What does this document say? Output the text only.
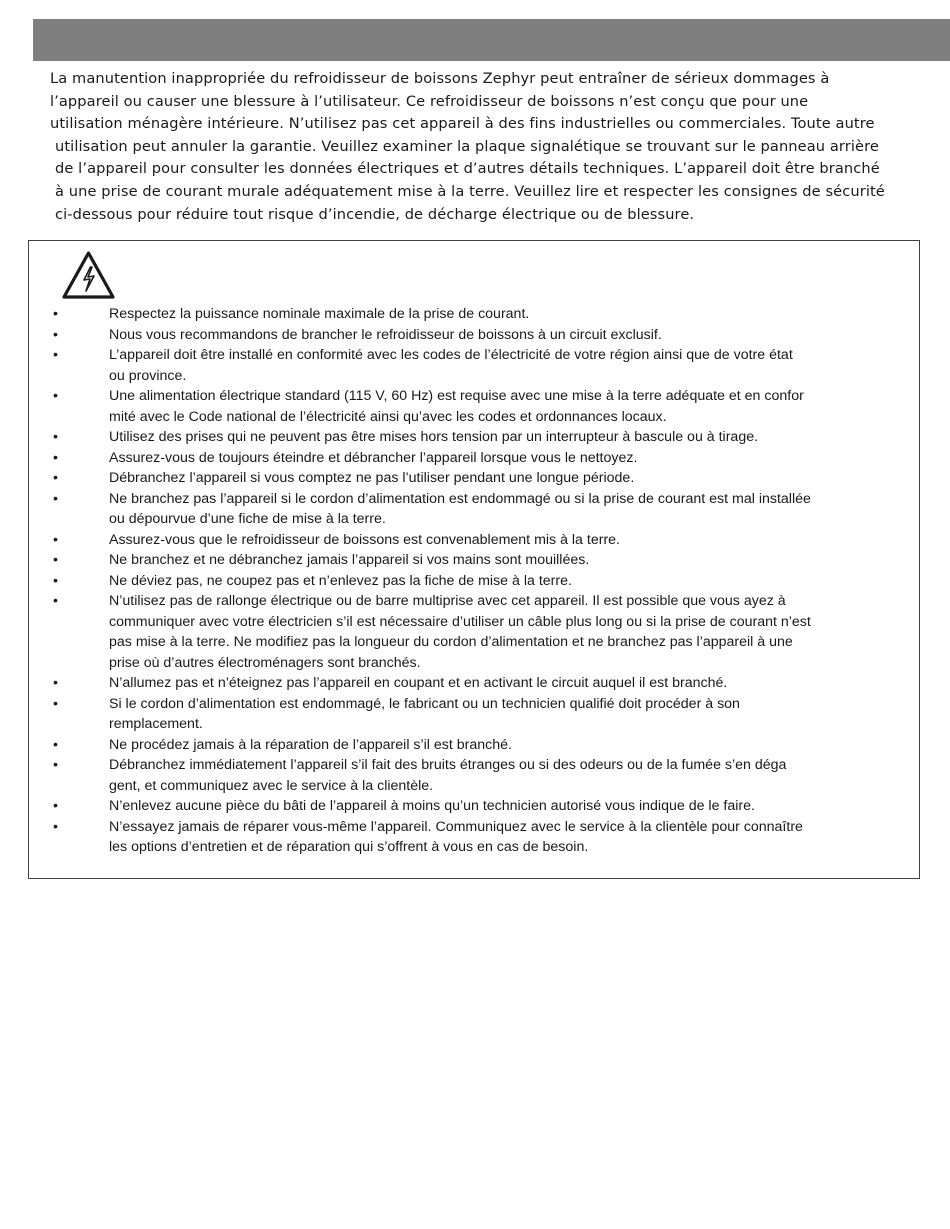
La manutention inappropriée du refroidisseur de boissons Zephyr peut entraîner de sérieux dommages à
l’appareil ou causer une blessure à l’utilisateur. Ce refroidisseur de boissons n’est conçu que pour une
utilisation ménagère intérieure. N’utilisez pas cet appareil à des fins industrielles ou commerciales. Toute autre
utilisation peut annuler la garantie. Veuillez examiner la plaque signalétique se trouvant sur le panneau arrière
de l’appareil pour consulter les données électriques et d’autres détails techniques. L’appareil doit être branché
à une prise de courant murale adéquatement mise à la terre. Veuillez lire et respecter les consignes de sécurité
ci-dessous pour réduire tout risque d’incendie, de décharge électrique ou de blessure.
•	Respectez la puissance nominale maximale de la prise de courant.
•	Nous vous recommandons de brancher le refroidisseur de boissons à un circuit exclusif.
•	L’appareil doit être installé en conformité avec les codes de l’électricité de votre région ainsi que de votre état
ou province.
•	Une alimentation électrique standard (115 V, 60 Hz) est requise avec une mise à la terre adéquate et en confor
mité avec le Code national de l’électricité ainsi qu’avec les codes et ordonnances locaux.
•	Utilisez des prises qui ne peuvent pas être mises hors tension par un interrupteur à bascule ou à tirage.
•	Assurez-vous de toujours éteindre et débrancher l’appareil lorsque vous le nettoyez.
•	Débranchez l’appareil si vous comptez ne pas l’utiliser pendant une longue période.
•	Ne branchez pas l’appareil si le cordon d’alimentation est endommagé ou si la prise de courant est mal installée
ou dépourvue d’une fiche de mise à la terre.
•	Assurez-vous que le refroidisseur de boissons est convenablement mis à la terre.
•	Ne branchez et ne débranchez jamais l’appareil si vos mains sont mouillées.
•	Ne déviez pas, ne coupez pas et n’enlevez pas la fiche de mise à la terre.
•	N’utilisez pas de rallonge électrique ou de barre multiprise avec cet appareil. Il est possible que vous ayez à
communiquer avec votre électricien s’il est nécessaire d’utiliser un câble plus long ou si la prise de courant n’est
pas mise à la terre. Ne modifiez pas la longueur du cordon d’alimentation et ne branchez pas l’appareil à une
prise où d’autres électroménagers sont branchés.
•	N’allumez pas et n’éteignez pas l’appareil en coupant et en activant le circuit auquel il est branché.
•	Si le cordon d’alimentation est endommagé, le fabricant ou un technicien qualifié doit procéder à son
remplacement.
•	Ne procédez jamais à la réparation de l’appareil s’il est branché.
•	Débranchez immédiatement l’appareil s’il fait des bruits étranges ou si des odeurs ou de la fumée s’en déga
gent, et communiquez avec le service à la clientèle.
•	N’enlevez aucune pièce du bâti de l’appareil à moins qu’un technicien autorisé vous indique de le faire.
•	N’essayez jamais de réparer vous-même l’appareil. Communiquez avec le service à la clientèle pour connaître
les options d’entretien et de réparation qui s’offrent à vous en cas de besoin.
